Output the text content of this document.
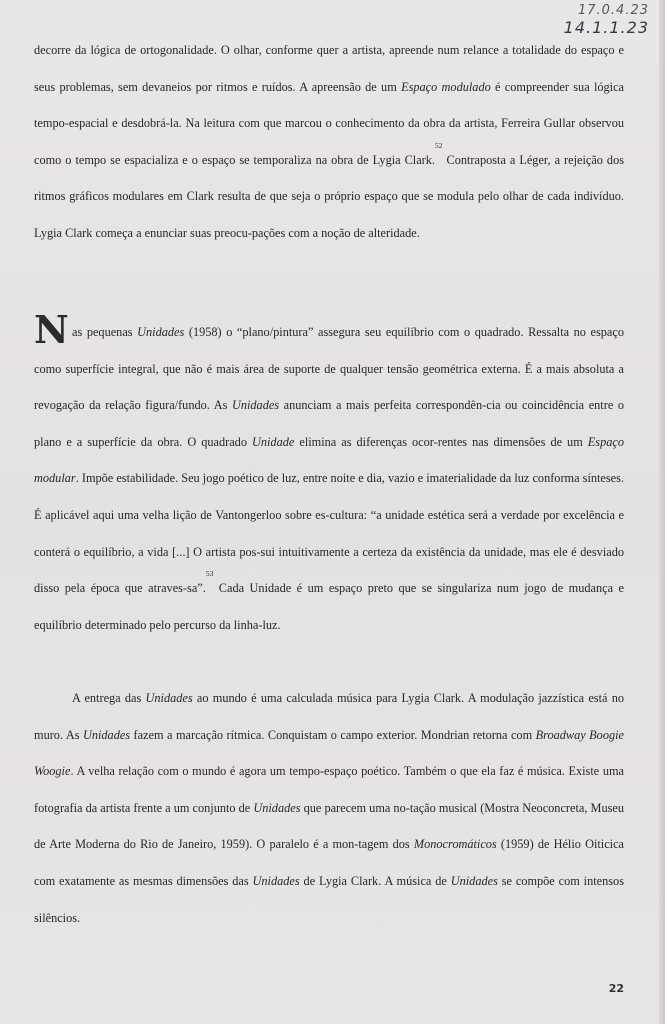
17.0.4.23
14.1.1.23

decorre da lógica de ortogonalidade. O olhar, conforme quer a artista, apreende num relance a totalidade do espaço e seus problemas, sem devaneios por ritmos e ruídos. A apreensão de um Espaço modulado é compreender sua lógica tempo-espacial e desdobrá-la. Na leitura com que marcou o conhecimento da obra da artista, Ferreira Gullar observou como o tempo se espacializa e o espaço se temporaliza na obra de Lygia Clark.$^{52}$ Contraposta a Léger, a rejeição dos ritmos gráficos modulares em Clark resulta de que seja o próprio espaço que se modula pelo olhar de cada indivíduo. Lygia Clark começa a enunciar suas preocu-pações com a noção de alteridade.

N as pequenas Unidades (1958) o “plano/pintura” assegura seu equilíbrio com o quadrado. Ressalta no espaço como superfície integral, que não é mais área de suporte de qualquer tensão geométrica externa. É a mais absoluta a revogação da relação figura/fundo. As Unidades anunciam a mais perfeita correspondên-cia ou coincidência entre o plano e a superfície da obra. O quadrado Unidade elimina as diferenças ocor-rentes nas dimensões de um Espaço modular. Impõe estabilidade. Seu jogo poético de luz, entre noite e dia, vazio e imaterialidade da luz conforma sínteses. É aplicável aqui uma velha lição de Vantongerloo sobre es-cultura: “a unidade estética será a verdade por excelência e conterá o equilíbrio, a vida [...] O artista pos-sui intuitivamente a certeza da existência da unidade, mas ele é desviado disso pela época que atraves-sa”.$^{53}$ Cada Unidade é um espaço preto que se singulariza num jogo de mudança e equilíbrio determinado pelo percurso da linha-luz.

A entrega das Unidades ao mundo é uma calculada música para Lygia Clark. A modulação jazzística está no muro. As Unidades fazem a marcação rítmica. Conquistam o campo exterior. Mondrian retorna com Broadway Boogie Woogie. A velha relação com o mundo é agora um tempo-espaço poético. Também o que ela faz é música. Existe uma fotografia da artista frente a um conjunto de Unidades que parecem uma no-tação musical (Mostra Neoconcreta, Museu de Arte Moderna do Rio de Janeiro, 1959). O paralelo é a mon-tagem dos Monocromáticos (1959) de Hélio Oiticica com exatamente as mesmas dimensões das Unidades de Lygia Clark. A música de Unidades se compõe com intensos silêncios.

22
